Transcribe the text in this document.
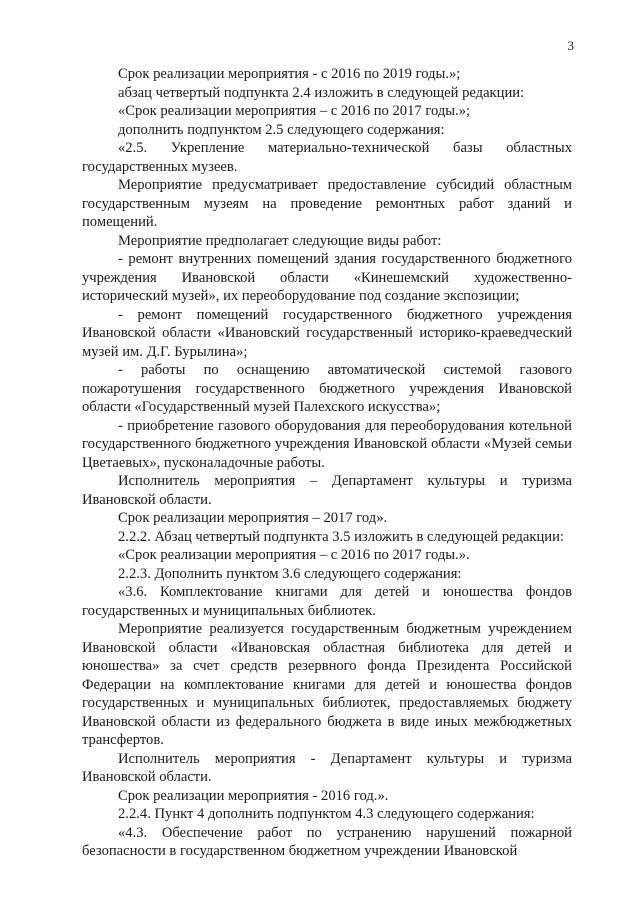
3

Срок реализации мероприятия - с 2016 по 2019 годы.»;

абзац четвертый подпункта 2.4 изложить в следующей редакции:

«Срок реализации мероприятия – с 2016 по 2017 годы.»;

дополнить подпунктом 2.5 следующего содержания:

«2.5. Укрепление материально-технической базы областных государственных музеев.

Мероприятие предусматривает предоставление субсидий областным государственным музеям на проведение ремонтных работ зданий и помещений.

Мероприятие предполагает следующие виды работ:

- ремонт внутренних помещений здания государственного бюджетного учреждения Ивановской области «Кинешемский художественно-исторический музей», их переоборудование под создание экспозиции;

- ремонт помещений государственного бюджетного учреждения Ивановской области «Ивановский государственный историко-краеведческий музей им. Д.Г. Бурылина»;

- работы по оснащению автоматической системой газового пожаротушения государственного бюджетного учреждения Ивановской области «Государственный музей Палехского искусства»;

- приобретение газового оборудования для переоборудования котельной государственного бюджетного учреждения Ивановской области «Музей семьи Цветаевых», пусконаладочные работы.

Исполнитель мероприятия – Департамент культуры и туризма Ивановской области.

Срок реализации мероприятия – 2017 год».

2.2.2. Абзац четвертый подпункта 3.5 изложить в следующей редакции:

«Срок реализации мероприятия – с 2016 по 2017 годы.».

2.2.3. Дополнить пунктом 3.6 следующего содержания:

«3.6. Комплектование книгами для детей и юношества фондов государственных и муниципальных библиотек.

Мероприятие реализуется государственным бюджетным учреждением Ивановской области «Ивановская областная библиотека для детей и юношества» за счет средств резервного фонда Президента Российской Федерации на комплектование книгами для детей и юношества фондов государственных и муниципальных библиотек, предоставляемых бюджету Ивановской области из федерального бюджета в виде иных межбюджетных трансфертов.

Исполнитель мероприятия - Департамент культуры и туризма Ивановской области.

Срок реализации мероприятия - 2016 год.».

2.2.4. Пункт 4 дополнить подпунктом 4.3 следующего содержания:

«4.3. Обеспечение работ по устранению нарушений пожарной безопасности в государственном бюджетном учреждении Ивановской
